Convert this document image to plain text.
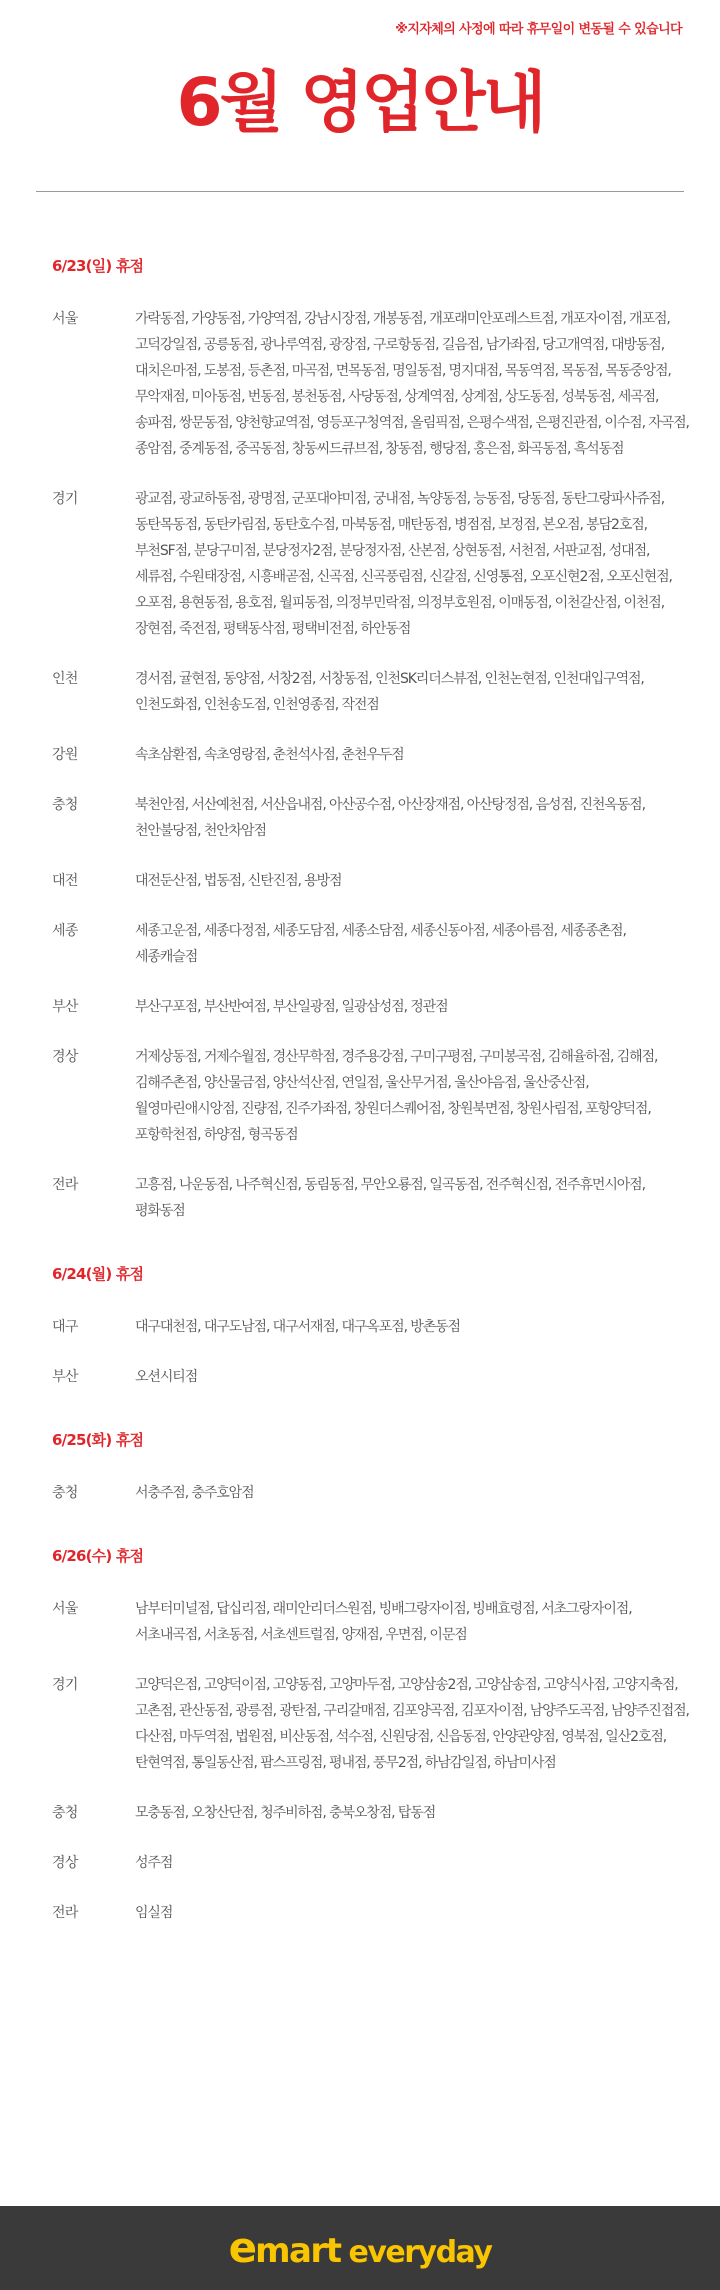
※지자체의 사정에 따라 휴무일이 변동될 수 있습니다
6월 영업안내
6/23(일) 휴점
서울	가락동점, 가양동점, 가양역점, 강남시장점, 개봉동점, 개포래미안포레스트점, 개포자이점, 개포점, 고덕강일점, 공릉동점, 광나루역점, 광장점, 구로항동점, 길음점, 남가좌점, 당고개역점, 대방동점, 대치은마점, 도봉점, 등촌점, 마곡점, 면목동점, 명일동점, 명지대점, 목동역점, 목동점, 목동중앙점, 무악재점, 미아동점, 번동점, 봉천동점, 사당동점, 상계역점, 상계점, 상도동점, 성북동점, 세곡점, 송파점, 쌍문동점, 양천향교역점, 영등포구청역점, 올림픽점, 은평수색점, 은평진관점, 이수점, 자곡점, 종암점, 중계동점, 중곡동점, 창동씨드큐브점, 창동점, 행당점, 홍은점, 화곡동점, 흑석동점
경기	광교점, 광교하동점, 광명점, 군포대야미점, 궁내점, 녹양동점, 능동점, 당동점, 동탄그랑파사쥬점, 동탄목동점, 동탄카림점, 동탄호수점, 마북동점, 매탄동점, 병점점, 보정점, 본오점, 봉담2호점, 부천SF점, 분당구미점, 분당정자2점, 분당정자점, 산본점, 상현동점, 서천점, 서판교점, 성대점, 세류점, 수원태장점, 시흥배곧점, 신곡점, 신곡풍림점, 신갈점, 신영통점, 오포신현2점, 오포신현점, 오포점, 용현동점, 용호점, 월피동점, 의정부민락점, 의정부호원점, 이매동점, 이천갈산점, 이천점, 장현점, 죽전점, 평택동삭점, 평택비전점, 하안동점
인천	경서점, 귤현점, 동양점, 서창2점, 서창동점, 인천SK리더스뷰점, 인천논현점, 인천대입구역점, 인천도화점, 인천송도점, 인천영종점, 작전점
강원	속초삼환점, 속초영랑점, 춘천석사점, 춘천우두점
충청	북천안점, 서산예천점, 서산읍내점, 아산공수점, 아산장재점, 아산탕정점, 음성점, 진천옥동점, 천안불당점, 천안차암점
대전	대전둔산점, 법동점, 신탄진점, 용방점
세종	세종고운점, 세종다정점, 세종도담점, 세종소담점, 세종신동아점, 세종아름점, 세종종촌점, 세종캐슬점
부산	부산구포점, 부산반여점, 부산일광점, 일광삼성점, 정관점
경상	거제상동점, 거제수월점, 경산무학점, 경주용강점, 구미구평점, 구미봉곡점, 김해율하점, 김해점, 김해주촌점, 양산물금점, 양산석산점, 연일점, 울산무거점, 울산야음점, 울산중산점, 월영마린애시앙점, 진량점, 진주가좌점, 창원더스퀘어점, 창원북면점, 창원사림점, 포항양덕점, 포항학천점, 하양점, 형곡동점
전라	고흥점, 나운동점, 나주혁신점, 동림동점, 무안오룡점, 일곡동점, 전주혁신점, 전주휴먼시아점, 평화동점
6/24(월) 휴점
대구	대구대천점, 대구도남점, 대구서재점, 대구옥포점, 방촌동점
부산	오션시티점
6/25(화) 휴점
충청	서충주점, 충주호암점
6/26(수) 휴점
서울	남부터미널점, 답십리점, 래미안리더스원점, 빙배그랑자이점, 빙배효령점, 서초그랑자이점, 서초내곡점, 서초동점, 서초센트럴점, 양재점, 우면점, 이문점
경기	고양덕은점, 고양덕이점, 고양동점, 고양마두점, 고양삼송2점, 고양삼송점, 고양식사점, 고양지축점, 고촌점, 관산동점, 광릉점, 광탄점, 구리갈매점, 김포양곡점, 김포자이점, 남양주도곡점, 남양주진접점, 다산점, 마두역점, 법원점, 비산동점, 석수점, 신원당점, 신읍동점, 안양관양점, 영북점, 일산2호점, 탄현역점, 통일동산점, 팜스프링점, 평내점, 풍무2점, 하남감일점, 하남미사점
충청	모충동점, 오창산단점, 청주비하점, 충북오창점, 탑동점
경상	성주점
전라	임실점
e mart everyday
